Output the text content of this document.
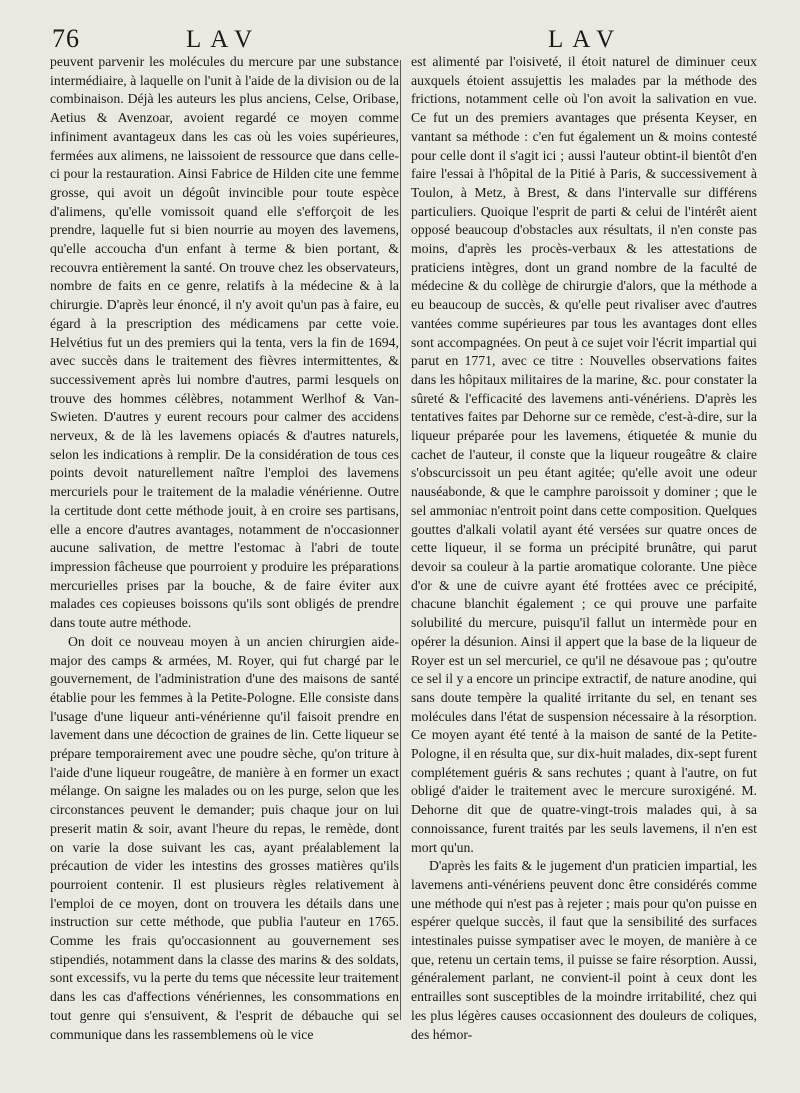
76	LAV	LAV

peuvent parvenir les molécules du mercure par une substance intermédiaire, à laquelle on l'unit à l'aide de la division ou de la combinaison. Déjà les auteurs les plus anciens, Celse, Oribase, Aetius & Avenzoar, avoient regardé ce moyen comme infiniment avantageux dans les cas où les voies supérieures, fermées aux alimens, ne laissoient de ressource que dans celle-ci pour la restauration. Ainsi Fabrice de Hilden cite une femme grosse, qui avoit un dégoût invincible pour toute espèce d'alimens, qu'elle vomissoit quand elle s'efforçoit de les prendre, laquelle fut si bien nourrie au moyen des lavemens, qu'elle accoucha d'un enfant à terme & bien portant, & recouvra entièrement la santé. On trouve chez les observateurs, nombre de faits en ce genre, relatifs à la médecine & à la chirurgie. D'après leur énoncé, il n'y avoit qu'un pas à faire, eu égard à la prescription des médicamens par cette voie. Helvétius fut un des premiers qui la tenta, vers la fin de 1694, avec succès dans le traitement des fièvres intermittentes, & successivement après lui nombre d'autres, parmi lesquels on trouve des hommes célèbres, notamment Werlhof & Van-Swieten. D'autres y eurent recours pour calmer des accidens nerveux, & de là les lavemens opiacés & d'autres naturels, selon les indications à remplir. De la considération de tous ces points devoit naturellement naître l'emploi des lavemens mercuriels pour le traitement de la maladie vénérienne. Outre la certitude dont cette méthode jouit, à en croire ses partisans, elle a encore d'autres avantages, notamment de n'occasionner aucune salivation, de mettre l'estomac à l'abri de toute impression fâcheuse que pourroient y produire les préparations mercurielles prises par la bouche, & de faire éviter aux malades ces copieuses boissons qu'ils sont obligés de prendre dans toute autre méthode.

On doit ce nouveau moyen à un ancien chirurgien aide-major des camps & armées, M. Royer, qui fut chargé par le gouvernement, de l'administration d'une des maisons de santé établie pour les femmes à la Petite-Pologne. Elle consiste dans l'usage d'une liqueur anti-vénérienne qu'il faisoit prendre en lavement dans une décoction de graines de lin. Cette liqueur se prépare temporairement avec une poudre sèche, qu'on triture à l'aide d'une liqueur rougeâtre, de manière à en former un exact mélange. On saigne les malades ou on les purge, selon que les circonstances peuvent le demander; puis chaque jour on lui preserit matin & soir, avant l'heure du repas, le remède, dont on varie la dose suivant les cas, ayant préalablement la précaution de vider les intestins des grosses matières qu'ils pourroient contenir. Il est plusieurs règles relativement à l'emploi de ce moyen, dont on trouvera les détails dans une instruction sur cette méthode, que publia l'auteur en 1765. Comme les frais qu'occasionnent au gouvernement ses stipendiés, notamment dans la classe des marins & des soldats, sont excessifs, vu la perte du tems que nécessite leur traitement dans les cas d'affections vénériennes, les consommations en tout genre qui s'ensuivent, & l'esprit de débauche qui se communique dans les rassemblemens où le vice

est alimenté par l'oisiveté, il étoit naturel de diminuer ceux auxquels étoient assujettis les malades par la méthode des frictions, notamment celle où l'on avoit la salivation en vue. Ce fut un des premiers avantages que présenta Keyser, en vantant sa méthode : c'en fut également un & moins contesté pour celle dont il s'agit ici ; aussi l'auteur obtint-il bientôt d'en faire l'essai à l'hôpital de la Pitié à Paris, & successivement à Toulon, à Metz, à Brest, & dans l'intervalle sur différens particuliers. Quoique l'esprit de parti & celui de l'intérêt aient opposé beaucoup d'obstacles aux résultats, il n'en conste pas moins, d'après les procès-verbaux & les attestations de praticiens intègres, dont un grand nombre de la faculté de médecine & du collège de chirurgie d'alors, que la méthode a eu beaucoup de succès, & qu'elle peut rivaliser avec d'autres vantées comme supérieures par tous les avantages dont elles sont accompagnées. On peut à ce sujet voir l'écrit impartial qui parut en 1771, avec ce titre : Nouvelles observations faites dans les hôpitaux militaires de la marine, &c. pour constater la sûreté & l'efficacité des lavemens anti-vénériens. D'après les tentatives faites par Dehorne sur ce remède, c'est-à-dire, sur la liqueur préparée pour les lavemens, étiquetée & munie du cachet de l'auteur, il conste que la liqueur rougeâtre & claire s'obscurcissoit un peu étant agitée; qu'elle avoit une odeur nauséabonde, & que le camphre paroissoit y dominer ; que le sel ammoniac n'entroit point dans cette composition. Quelques gouttes d'alkali volatil ayant été versées sur quatre onces de cette liqueur, il se forma un précipité brunâtre, qui parut devoir sa couleur à la partie aromatique colorante. Une pièce d'or & une de cuivre ayant été frottées avec ce précipité, chacune blanchit également ; ce qui prouve une parfaite solubilité du mercure, puisqu'il fallut un intermède pour en opérer la désunion. Ainsi il appert que la base de la liqueur de Royer est un sel mercuriel, ce qu'il ne désavoue pas ; qu'outre ce sel il y a encore un principe extractif, de nature anodine, qui sans doute tempère la qualité irritante du sel, en tenant ses molécules dans l'état de suspension nécessaire à la résorption. Ce moyen ayant été tenté à la maison de santé de la Petite-Pologne, il en résulta que, sur dix-huit malades, dix-sept furent complétement guéris & sans rechutes ; quant à l'autre, on fut obligé d'aider le traitement avec le mercure suroxigéné. M. Dehorne dit que de quatre-vingt-trois malades qui, à sa connoissance, furent traités par les seuls lavemens, il n'en est mort qu'un.

D'après les faits & le jugement d'un praticien impartial, les lavemens anti-vénériens peuvent donc être considérés comme une méthode qui n'est pas à rejeter ; mais pour qu'on puisse en espérer quelque succès, il faut que la sensibilité des surfaces intestinales puisse sympatiser avec le moyen, de manière à ce que, retenu un certain tems, il puisse se faire résorption. Aussi, généralement parlant, ne convient-il point à ceux dont les entrailles sont susceptibles de la moindre irritabilité, chez qui les plus légères causes occasionnent des douleurs de coliques, des hémor-
